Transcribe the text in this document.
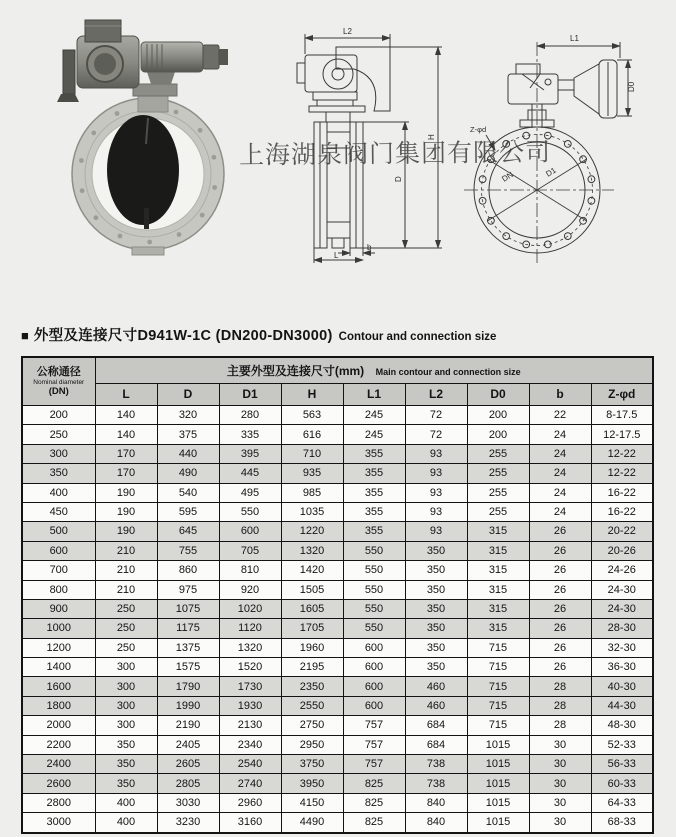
L2
D
H
b
L
L1
D0
Z-φd
DN	D1
上海湖泉阀门集团有限公司
■ 外型及连接尺寸D941W-1C (DN200-DN3000) Contour and connection size
公称通径
Nominal diameter
(DN)	主要外型及连接尺寸(mm) Main contour and connection size								
	L	D	D1	H	L1	L2	D0	b	Z-φd
200	140	320	280	563	245	72	200	22	8-17.5
250	140	375	335	616	245	72	200	24	12-17.5
300	170	440	395	710	355	93	255	24	12-22
350	170	490	445	935	355	93	255	24	12-22
400	190	540	495	985	355	93	255	24	16-22
450	190	595	550	1035	355	93	255	24	16-22
500	190	645	600	1220	355	93	315	26	20-22
600	210	755	705	1320	550	350	315	26	20-26
700	210	860	810	1420	550	350	315	26	24-26
800	210	975	920	1505	550	350	315	26	24-30
900	250	1075	1020	1605	550	350	315	26	24-30
1000	250	1175	1120	1705	550	350	315	26	28-30
1200	250	1375	1320	1960	600	350	715	26	32-30
1400	300	1575	1520	2195	600	350	715	26	36-30
1600	300	1790	1730	2350	600	460	715	28	40-30
1800	300	1990	1930	2550	600	460	715	28	44-30
2000	300	2190	2130	2750	757	684	715	28	48-30
2200	350	2405	2340	2950	757	684	1015	30	52-33
2400	350	2605	2540	3750	757	738	1015	30	56-33
2600	350	2805	2740	3950	825	738	1015	30	60-33
2800	400	3030	2960	4150	825	840	1015	30	64-33
3000	400	3230	3160	4490	825	840	1015	30	68-33
